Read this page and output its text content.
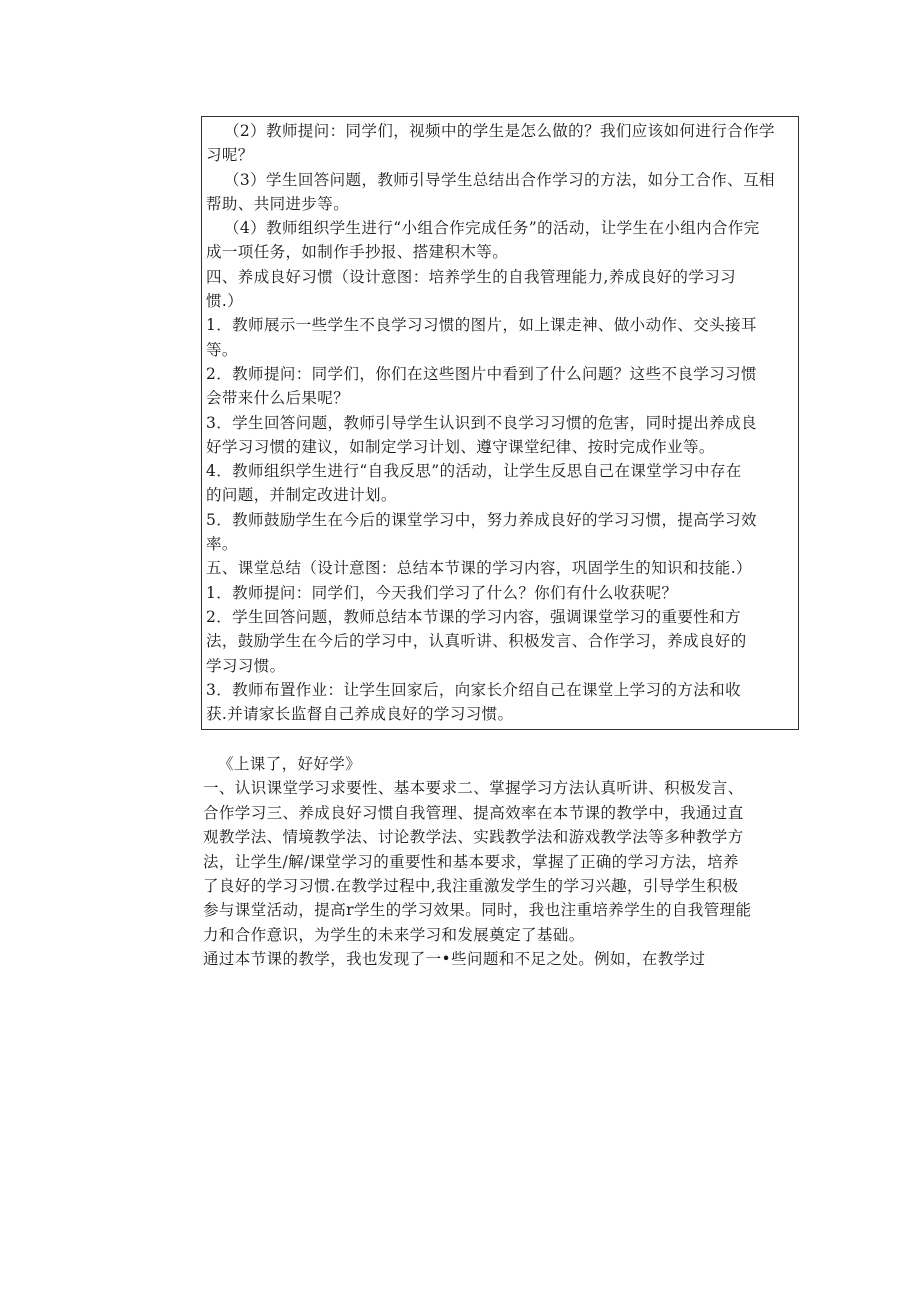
（2）教师提问：同学们，视频中的学生是怎么做的？我们应该如何进行合作学

习呢？

（3）学生回答问题，教师引导学生总结出合作学习的方法，如分工合作、互相

帮助、共同进步等。

（4）教师组织学生进行“小组合作完成任务”的活动，让学生在小组内合作完

成一项任务，如制作手抄报、搭建积木等。

四、养成良好习惯（设计意图：培养学生的自我管理能力,养成良好的学习习

惯.）

1．教师展示一些学生不良学习习惯的图片，如上课走神、做小动作、交头接耳

等。

2．教师提问：同学们，你们在这些图片中看到了什么问题？这些不良学习习惯

会带来什么后果呢？

3．学生回答问题，教师引导学生认识到不良学习习惯的危害，同时提出养成良

好学习习惯的建议，如制定学习计划、遵守课堂纪律、按时完成作业等。

4．教师组织学生进行“自我反思”的活动，让学生反思自己在课堂学习中存在

的问题，并制定改进计划。

5．教师鼓励学生在今后的课堂学习中，努力养成良好的学习习惯，提高学习效

率。

五、课堂总结（设计意图：总结本节课的学习内容，巩固学生的知识和技能.）

1．教师提问：同学们，今天我们学习了什么？你们有什么收获呢？

2．学生回答问题，教师总结本节课的学习内容，强调课堂学习的重要性和方

法，鼓励学生在今后的学习中，认真听讲、积极发言、合作学习，养成良好的

学习习惯。

3．教师布置作业：让学生回家后，向家长介绍自己在课堂上学习的方法和收

获.并请家长监督自己养成良好的学习习惯。

《上课了，好好学》

一、认识课堂学习求要性、基本要求二、掌握学习方法认真听讲、积极发言、

合作学习三、养成良好习惯自我管理、提高效率在本节课的教学中，我通过直

观教学法、情境教学法、讨论教学法、实践教学法和游戏教学法等多种教学方

法，让学生/解/课堂学习的重要性和基本要求，掌握了正确的学习方法，培养

了良好的学习习惯.在教学过程中,我注重激发学生的学习兴趣，引导学生积极

参与课堂活动，提高r学生的学习效果。同时，我也注重培养学生的自我管理能

力和合作意识，为学生的未来学习和发展奠定了基础。

通过本节课的教学，我也发现了一•些问题和不足之处。例如，在教学过
